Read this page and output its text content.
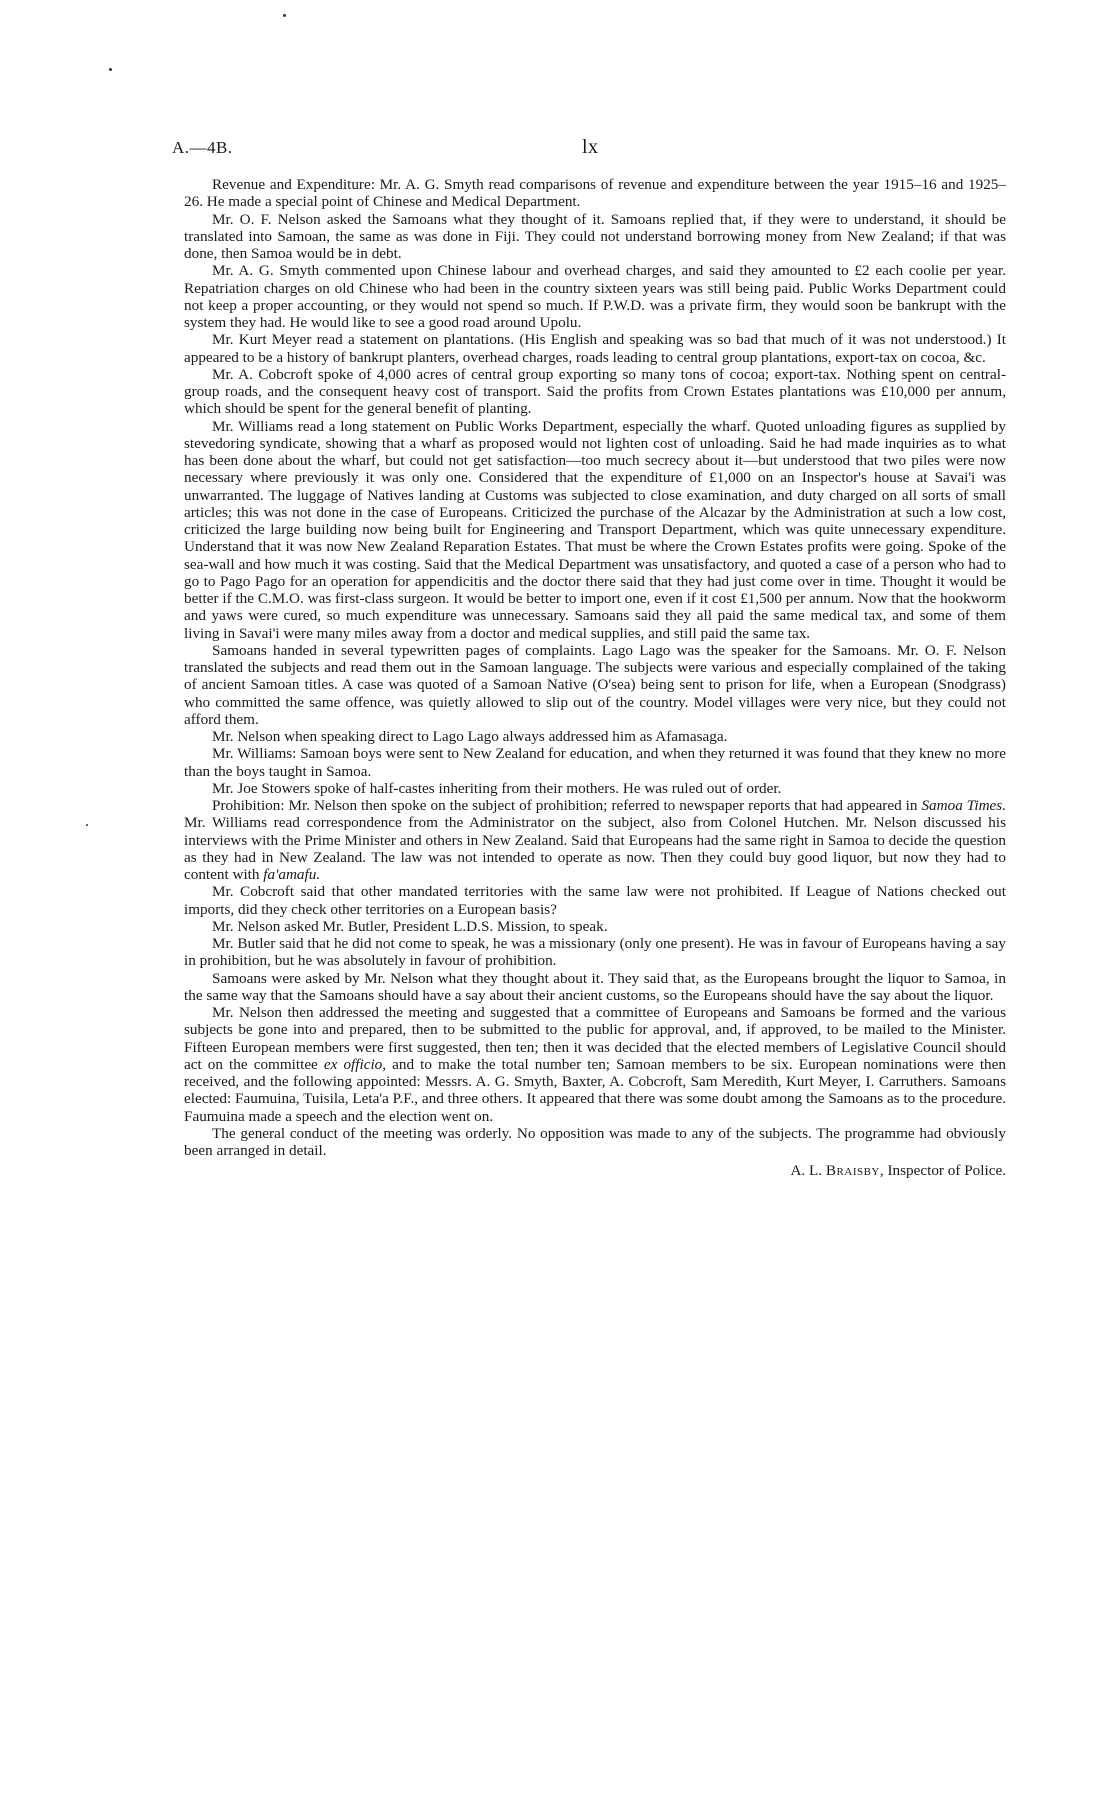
A.—4B.	lx

Revenue and Expenditure: Mr. A. G. Smyth read comparisons of revenue and expenditure between the year 1915–16 and 1925–26. He made a special point of Chinese and Medical Department.

Mr. O. F. Nelson asked the Samoans what they thought of it. Samoans replied that, if they were to understand, it should be translated into Samoan, the same as was done in Fiji. They could not understand borrowing money from New Zealand; if that was done, then Samoa would be in debt.

Mr. A. G. Smyth commented upon Chinese labour and overhead charges, and said they amounted to £2 each coolie per year. Repatriation charges on old Chinese who had been in the country sixteen years was still being paid. Public Works Department could not keep a proper accounting, or they would not spend so much. If P.W.D. was a private firm, they would soon be bankrupt with the system they had. He would like to see a good road around Upolu.

Mr. Kurt Meyer read a statement on plantations. (His English and speaking was so bad that much of it was not understood.) It appeared to be a history of bankrupt planters, overhead charges, roads leading to central group plantations, export-tax on cocoa, &c.

Mr. A. Cobcroft spoke of 4,000 acres of central group exporting so many tons of cocoa; export-tax. Nothing spent on central-group roads, and the consequent heavy cost of transport. Said the profits from Crown Estates plantations was £10,000 per annum, which should be spent for the general benefit of planting.

Mr. Williams read a long statement on Public Works Department, especially the wharf. Quoted unloading figures as supplied by stevedoring syndicate, showing that a wharf as proposed would not lighten cost of unloading. Said he had made inquiries as to what has been done about the wharf, but could not get satisfaction—too much secrecy about it—but understood that two piles were now necessary where previously it was only one. Considered that the expenditure of £1,000 on an Inspector's house at Savai'i was unwarranted. The luggage of Natives landing at Customs was subjected to close examination, and duty charged on all sorts of small articles; this was not done in the case of Europeans. Criticized the purchase of the Alcazar by the Administration at such a low cost, criticized the large building now being built for Engineering and Transport Department, which was quite unnecessary expenditure. Understand that it was now New Zealand Reparation Estates. That must be where the Crown Estates profits were going. Spoke of the sea-wall and how much it was costing. Said that the Medical Department was unsatisfactory, and quoted a case of a person who had to go to Pago Pago for an operation for appendicitis and the doctor there said that they had just come over in time. Thought it would be better if the C.M.O. was first-class surgeon. It would be better to import one, even if it cost £1,500 per annum. Now that the hookworm and yaws were cured, so much expenditure was unnecessary. Samoans said they all paid the same medical tax, and some of them living in Savai'i were many miles away from a doctor and medical supplies, and still paid the same tax.

Samoans handed in several typewritten pages of complaints. Lago Lago was the speaker for the Samoans. Mr. O. F. Nelson translated the subjects and read them out in the Samoan language. The subjects were various and especially complained of the taking of ancient Samoan titles. A case was quoted of a Samoan Native (O'sea) being sent to prison for life, when a European (Snodgrass) who committed the same offence, was quietly allowed to slip out of the country. Model villages were very nice, but they could not afford them.

Mr. Nelson when speaking direct to Lago Lago always addressed him as Afamasaga.

Mr. Williams: Samoan boys were sent to New Zealand for education, and when they returned it was found that they knew no more than the boys taught in Samoa.

Mr. Joe Stowers spoke of half-castes inheriting from their mothers. He was ruled out of order.

Prohibition: Mr. Nelson then spoke on the subject of prohibition; referred to newspaper reports that had appeared in Samoa Times. Mr. Williams read correspondence from the Administrator on the subject, also from Colonel Hutchen. Mr. Nelson discussed his interviews with the Prime Minister and others in New Zealand. Said that Europeans had the same right in Samoa to decide the question as they had in New Zealand. The law was not intended to operate as now. Then they could buy good liquor, but now they had to content with fa'amafu.

Mr. Cobcroft said that other mandated territories with the same law were not prohibited. If League of Nations checked out imports, did they check other territories on a European basis?

Mr. Nelson asked Mr. Butler, President L.D.S. Mission, to speak.

Mr. Butler said that he did not come to speak, he was a missionary (only one present). He was in favour of Europeans having a say in prohibition, but he was absolutely in favour of prohibition.

Samoans were asked by Mr. Nelson what they thought about it. They said that, as the Europeans brought the liquor to Samoa, in the same way that the Samoans should have a say about their ancient customs, so the Europeans should have the say about the liquor.

Mr. Nelson then addressed the meeting and suggested that a committee of Europeans and Samoans be formed and the various subjects be gone into and prepared, then to be submitted to the public for approval, and, if approved, to be mailed to the Minister. Fifteen European members were first suggested, then ten; then it was decided that the elected members of Legislative Council should act on the committee ex officio, and to make the total number ten; Samoan members to be six. European nominations were then received, and the following appointed: Messrs. A. G. Smyth, Baxter, A. Cobcroft, Sam Meredith, Kurt Meyer, I. Carruthers. Samoans elected: Faumuina, Tuisila, Leta'a P.F., and three others. It appeared that there was some doubt among the Samoans as to the procedure. Faumuina made a speech and the election went on.

The general conduct of the meeting was orderly. No opposition was made to any of the subjects. The programme had obviously been arranged in detail.

A. L. Braisby, Inspector of Police.
